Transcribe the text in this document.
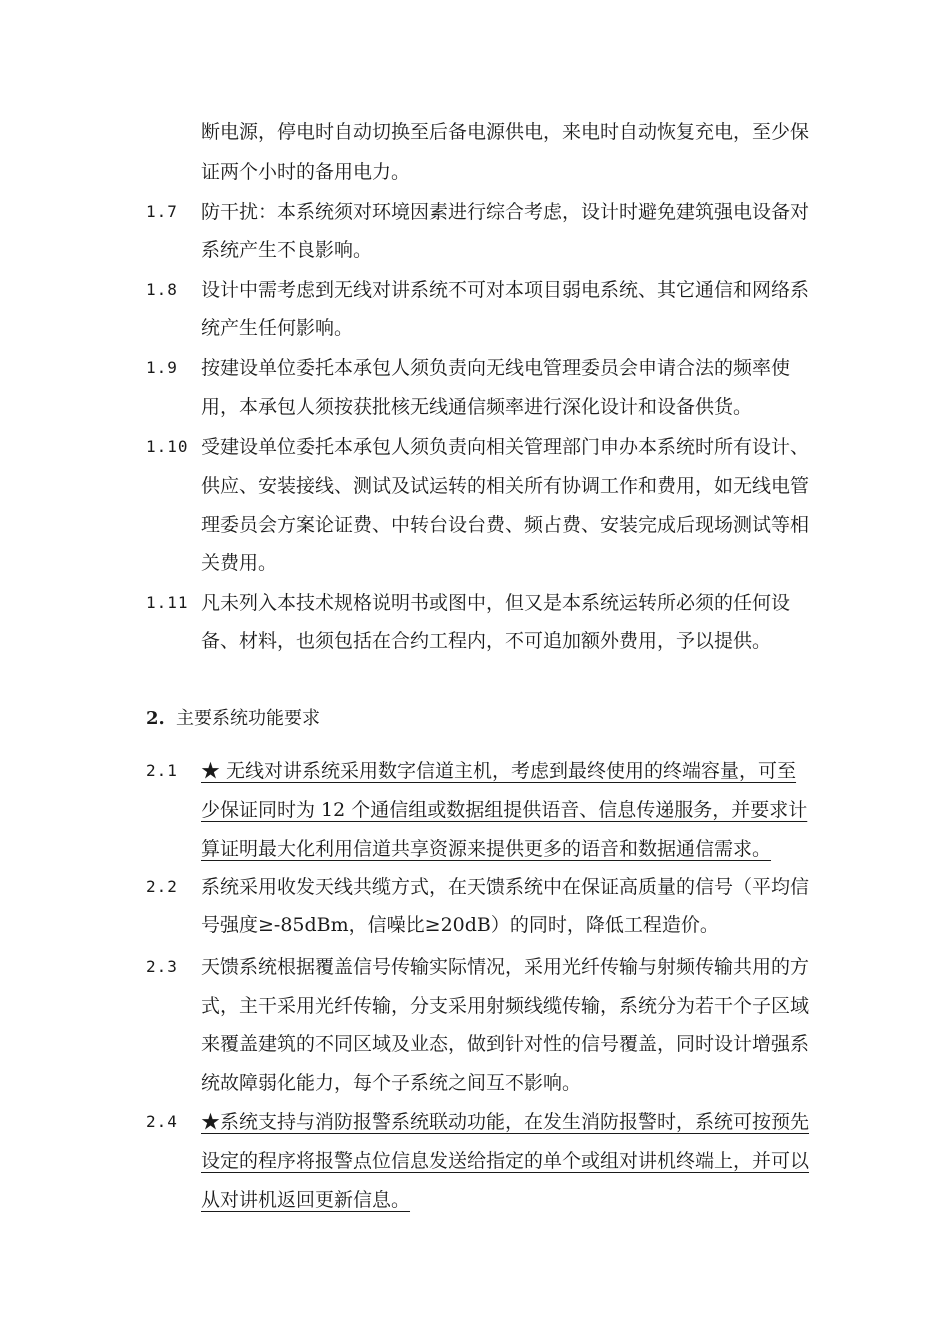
断电源，停电时自动切换至后备电源供电，来电时自动恢复充电，至少保
证两个小时的备用电力。
1.7 防干扰：本系统须对环境因素进行综合考虑，设计时避免建筑强电设备对
系统产生不良影响。
1.8 设计中需考虑到无线对讲系统不可对本项目弱电系统、其它通信和网络系
统产生任何影响。
1.9 按建设单位委托本承包人须负责向无线电管理委员会申请合法的频率使
用，本承包人须按获批核无线通信频率进行深化设计和设备供货。
1.10 受建设单位委托本承包人须负责向相关管理部门申办本系统时所有设计、
供应、安装接线、测试及试运转的相关所有协调工作和费用，如无线电管
理委员会方案论证费、中转台设台费、频占费、安装完成后现场测试等相
关费用。
1.11 凡未列入本技术规格说明书或图中，但又是本系统运转所必须的任何设
备、材料，也须包括在合约工程内，不可追加额外费用，予以提供。
2. 主要系统功能要求
2.1 ★ 无线对讲系统采用数字信道主机，考虑到最终使用的终端容量，可至
少保证同时为 12 个通信组或数据组提供语音、信息传递服务，并要求计
算证明最大化利用信道共享资源来提供更多的语音和数据通信需求。
2.2 系统采用收发天线共缆方式，在天馈系统中在保证高质量的信号（平均信
号强度≥-85dBm，信噪比≥20dB）的同时，降低工程造价。
2.3 天馈系统根据覆盖信号传输实际情况，采用光纤传输与射频传输共用的方
式，主干采用光纤传输，分支采用射频线缆传输，系统分为若干个子区域
来覆盖建筑的不同区域及业态，做到针对性的信号覆盖，同时设计增强系
统故障弱化能力，每个子系统之间互不影响。
2.4 ★系统支持与消防报警系统联动功能，在发生消防报警时，系统可按预先
设定的程序将报警点位信息发送给指定的单个或组对讲机终端上，并可以
从对讲机返回更新信息。
